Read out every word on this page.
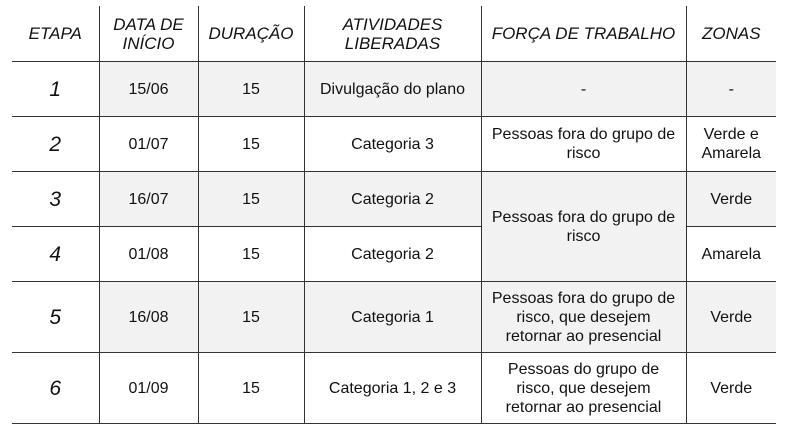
ETAPA	DATA DE INÍCIO	DURAÇÃO	ATIVIDADES LIBERADAS	FORÇA DE TRABALHO	ZONAS
1	15/06	15	Divulgação do plano	-	-
2	01/07	15	Categoria 3	Pessoas fora do grupo de risco	Verde e Amarela
3	16/07	15	Categoria 2	Pessoas fora do grupo de risco	Verde
4	01/08	15	Categoria 2		Amarela
5	16/08	15	Categoria 1	Pessoas fora do grupo de risco, que desejem retornar ao presencial	Verde
6	01/09	15	Categoria 1, 2 e 3	Pessoas do grupo de risco, que desejem retornar ao presencial	Verde
